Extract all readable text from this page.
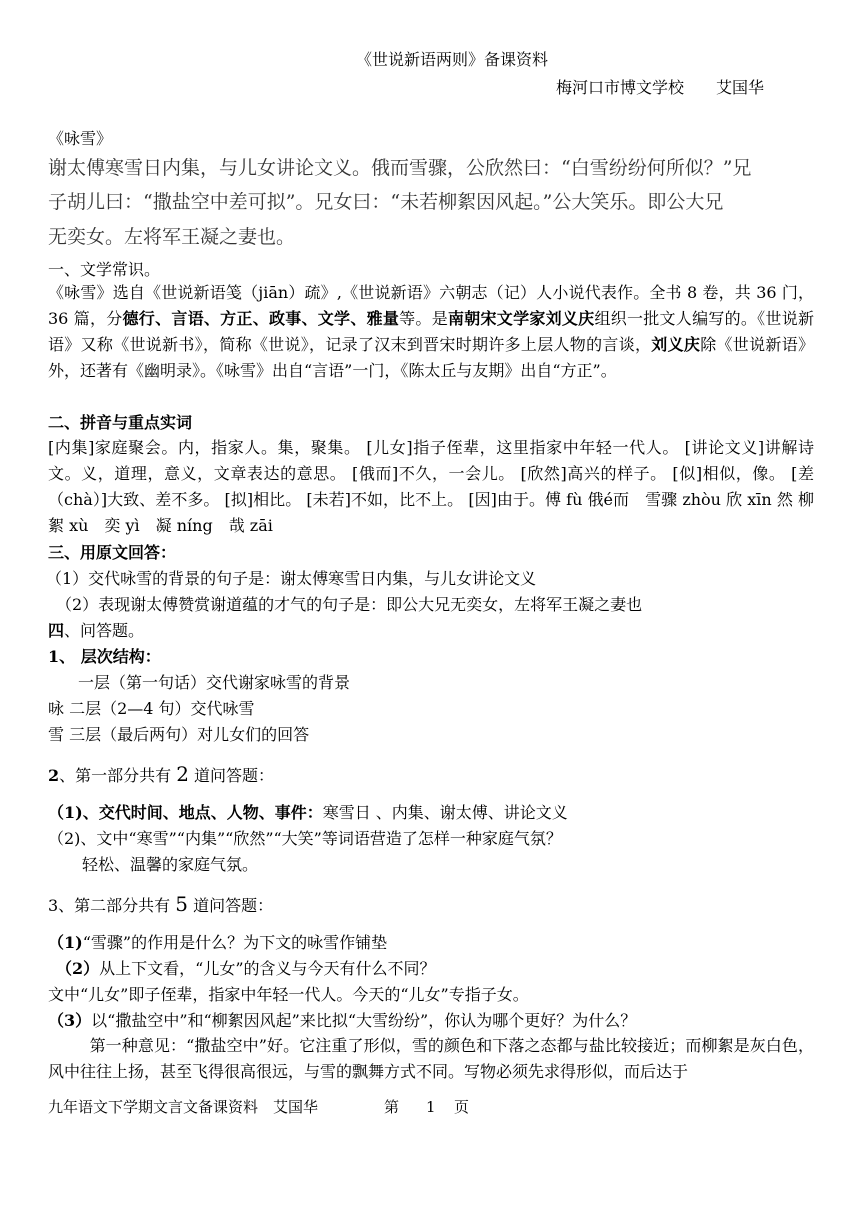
《世说新语两则》备课资料
梅河口市博文学校　　艾国华
《咏雪》
谢太傅寒雪日内集，与儿女讲论文义。俄而雪骤，公欣然曰：“白雪纷纷何所似？”兄
子胡儿曰：“撒盐空中差可拟”。兄女曰：“未若柳絮因风起。”公大笑乐。即公大兄
无奕女。左将军王凝之妻也。
一、文学常识。
《咏雪》选自《世说新语笺（jiān）疏》,《世说新语》六朝志（记）人小说代表作。全书 8 卷，共 36 门，36 篇，分德行、言语、方正、政事、文学、雅量等。是南朝宋文学家刘义庆组织一批文人编写的。《世说新语》又称《世说新书》，简称《世说》，记录了汉末到晋宋时期许多上层人物的言谈，刘义庆除《世说新语》外，还著有《幽明录》。《咏雪》出自“言语”一门，《陈太丘与友期》出自“方正”。
二、拼音与重点实词
[内集]家庭聚会。内，指家人。集，聚集。 [儿女]指子侄辈，这里指家中年轻一代人。 [讲论文义]讲解诗文。义，道理，意义，文章表达的意思。 [俄而]不久，一会儿。 [欣然]高兴的样子。 [似]相似，像。 [差（chà）]大致、差不多。 [拟]相比。 [未若]不如，比不上。 [因]由于。傅 fù 俄é而　雪骤 zhòu 欣 xīn 然 柳絮 xù　奕 yì　凝 níng　哉 zāi
三、用原文回答：
（1）交代咏雪的背景的句子是：谢太傅寒雪日内集，与儿女讲论文义
（2）表现谢太傅赞赏谢道蕴的才气的句子是：即公大兄无奕女，左将军王凝之妻也
四、问答题。
1、 层次结构：
一层（第一句话）交代谢家咏雪的背景
咏 二层（2—4 句）交代咏雪
雪 三层（最后两句）对儿女们的回答
2、第一部分共有 2 道问答题：
（1)、交代时间、地点、人物、事件：寒雪日 、内集、谢太傅、讲论文义
（2)、文中“寒雪”“内集”“欣然”“大笑”等词语营造了怎样一种家庭气氛？
轻松、温馨的家庭气氛。
3、第二部分共有 5 道问答题：
（1)“雪骤”的作用是什么？为下文的咏雪作铺垫
（2）从上下文看，“儿女”的含义与今天有什么不同？
文中“儿女”即子侄辈，指家中年轻一代人。今天的“儿女”专指子女。
（3）以“撒盐空中”和“柳絮因风起”来比拟“大雪纷纷”，你认为哪个更好？为什么？
第一种意见：“撒盐空中”好。它注重了形似，雪的颜色和下落之态都与盐比较接近；而柳絮是灰白色，风中往往上扬，甚至飞得很高很远，与雪的飘舞方式不同。写物必须先求得形似，而后达于
九年语文下学期文言文备课资料　艾国华	第 1 页
